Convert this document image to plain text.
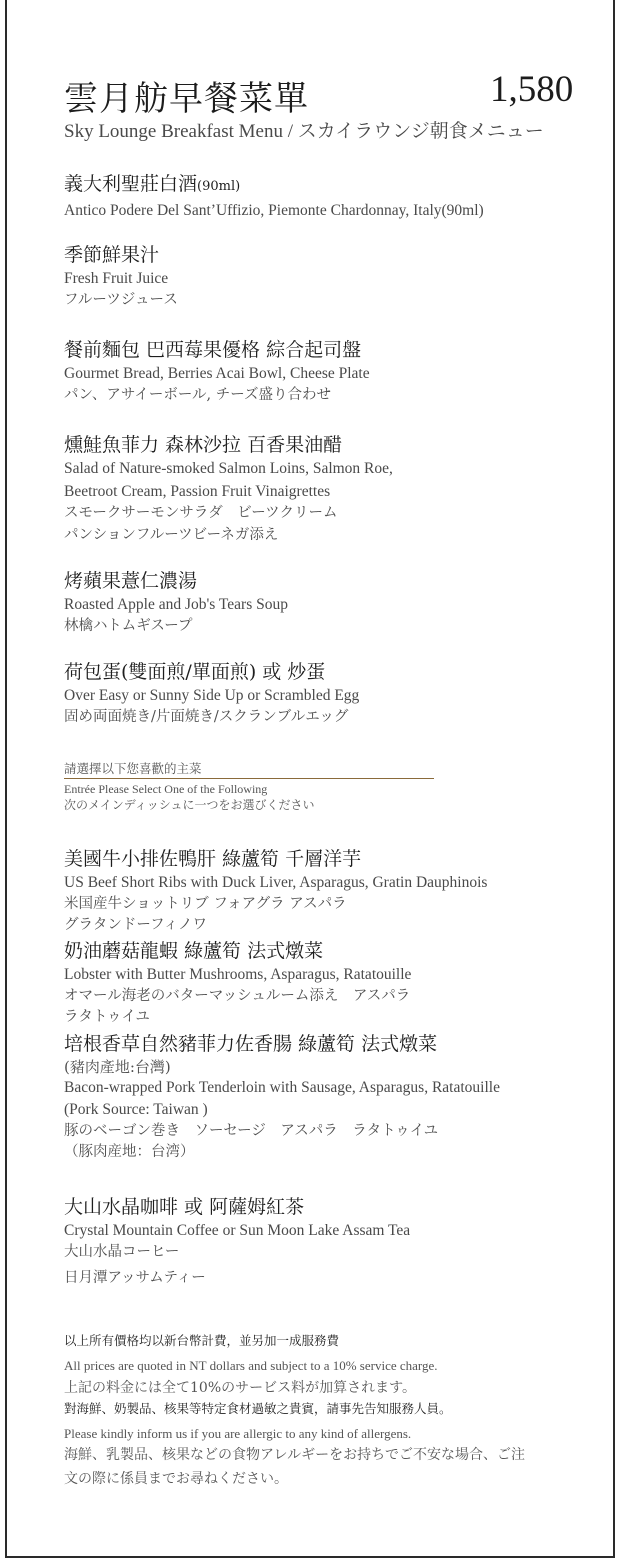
雲月舫早餐菜單	1,580
Sky Lounge Breakfast Menu / スカイラウンジ朝食メニュー
義大利聖莊白酒(90ml)
Antico Podere Del Sant’Uffizio, Piemonte Chardonnay, Italy(90ml)
季節鮮果汁
Fresh Fruit Juice
フルーツジュース
餐前麵包 巴西莓果優格 綜合起司盤
Gourmet Bread, Berries Acai Bowl, Cheese Plate
パン、アサイーボール, チーズ盛り合わせ
燻鮭魚菲力 森林沙拉 百香果油醋
Salad of Nature-smoked Salmon Loins, Salmon Roe,
Beetroot Cream, Passion Fruit Vinaigrettes
スモークサーモンサラダ　ビーツクリーム
パンションフルーツビーネガ添え
烤蘋果薏仁濃湯
Roasted Apple and Job's Tears Soup
林檎ハトムギスープ
荷包蛋(雙面煎/單面煎) 或 炒蛋
Over Easy or Sunny Side Up or Scrambled Egg
固め両面焼き/片面焼き/スクランブルエッグ
請選擇以下您喜歡的主菜
Entrée Please Select One of the Following
次のメインディッシュに一つをお選びください
美國牛小排佐鴨肝 綠蘆筍 千層洋芋
US Beef Short Ribs with Duck Liver, Asparagus, Gratin Dauphinois
米国産牛ショットリブ フォアグラ アスパラ
グラタンドーフィノワ
奶油蘑菇龍蝦 綠蘆筍 法式燉菜
Lobster with Butter Mushrooms, Asparagus, Ratatouille
オマール海老のバターマッシュルーム添え　アスパラ
ラタトゥイユ
培根香草自然豬菲力佐香腸 綠蘆筍 法式燉菜
(豬肉產地:台灣)
Bacon-wrapped Pork Tenderloin with Sausage, Asparagus, Ratatouille
(Pork Source: Taiwan )
豚のベーゴン巻き　ソーセージ　アスパラ　ラタトゥイユ
（豚肉産地：台湾）
大山水晶咖啡 或 阿薩姆紅茶
Crystal Mountain Coffee or Sun Moon Lake Assam Tea
大山水晶コーヒー
日月潭アッサムティー
以上所有價格均以新台幣計費，並另加一成服務費
All prices are quoted in NT dollars and subject to a 10% service charge.
上記の料金には全て10%のサービス料が加算されます。
對海鮮、奶製品、核果等特定食材過敏之貴賓，請事先告知服務人員。
Please kindly inform us if you are allergic to any kind of allergens.
海鮮、乳製品、核果などの食物アレルギーをお持ちでご不安な場合、ご注
文の際に係員までお尋ねください。
